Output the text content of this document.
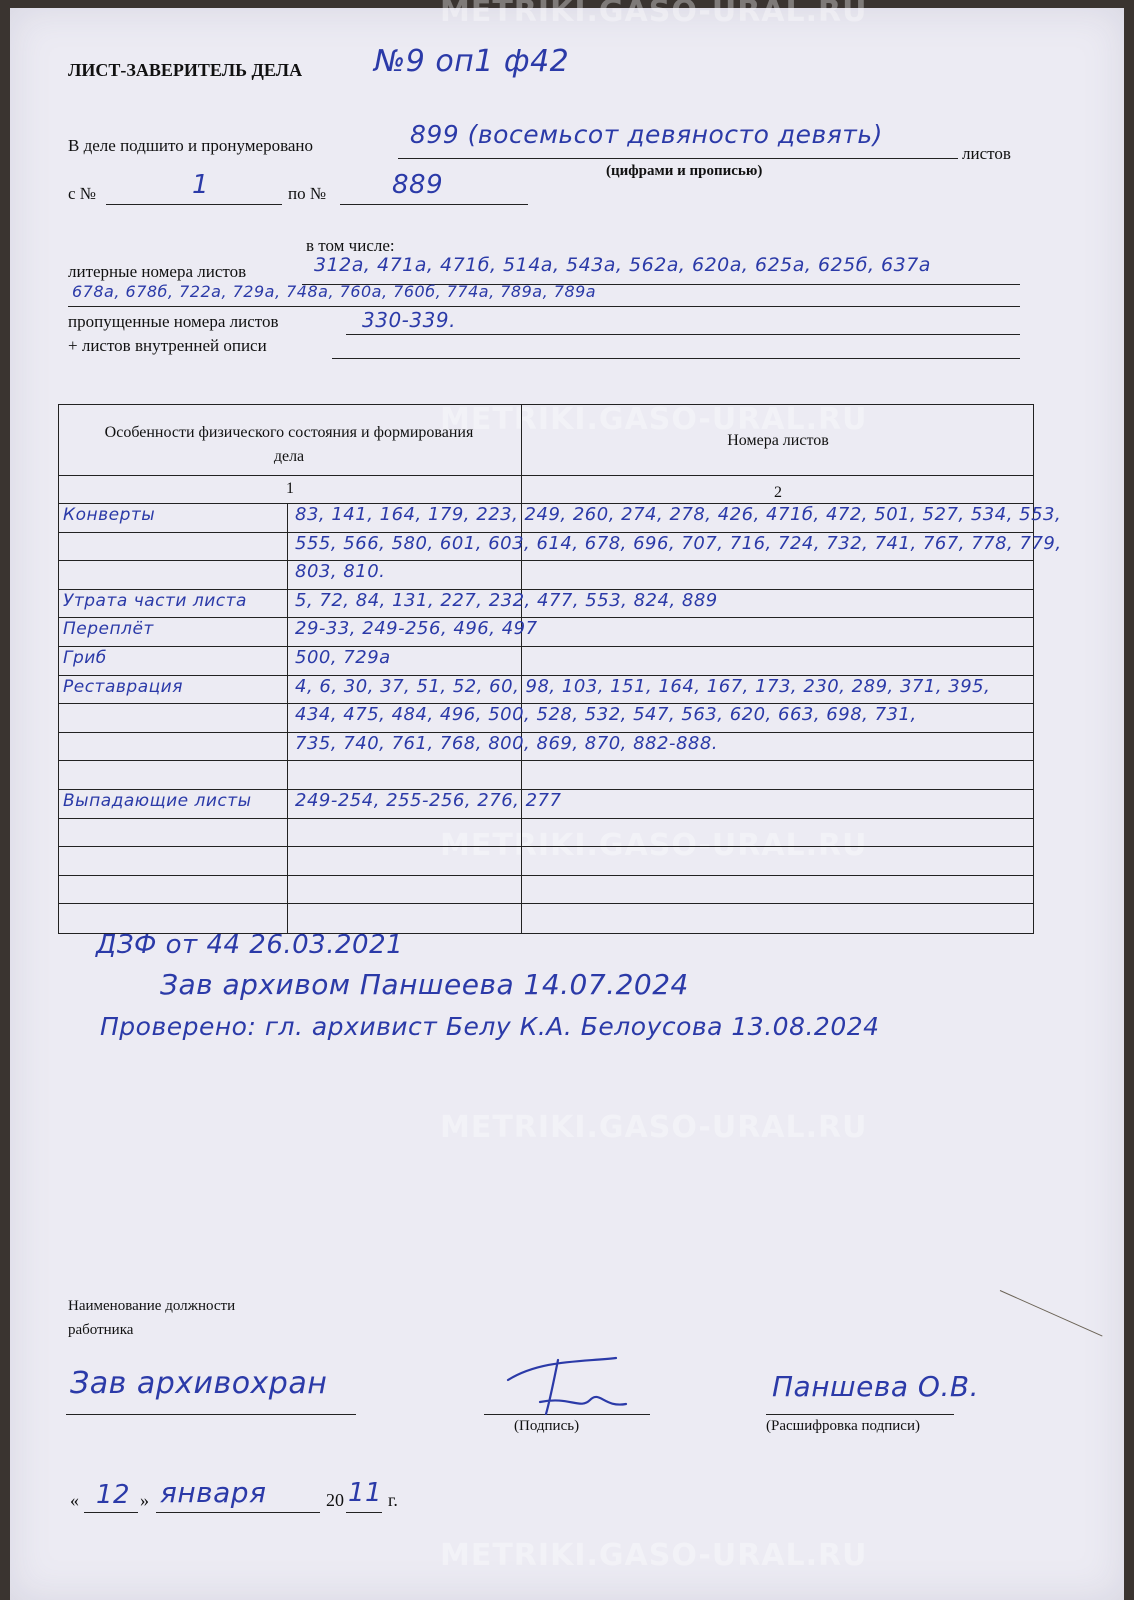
METRIKI.GASO-URAL.RU
METRIKI.GASO-URAL.RU
METRIKI.GASO-URAL.RU
METRIKI.GASO-URAL.RU
METRIKI.GASO-URAL.RU
ЛИСТ-ЗАВЕРИТЕЛЬ ДЕЛА №9 оп1 ф42
В деле подшито и пронумеровано	899 (восемьсот девяносто девять)
листов
(цифрами и прописью)
с №	1	по №	889
в том числе:
литерные номера листов	312а, 471а, 471б, 514а, 543а, 562а, 620а, 625а, 625б, 637а
678а, 678б, 722а, 729а, 748а, 760а, 760б, 774а, 789а, 789а
пропущенные номера листов	330-339.
+ листов внутренней описи
Особенности физического состояния и формирования дела
Номера листов
1	2
Конверты	83, 141, 164, 179, 223, 249, 260, 274, 278, 426, 471б, 472, 501, 527, 534, 553,
555, 566, 580, 601, 603, 614, 678, 696, 707, 716, 724, 732, 741, 767, 778, 779,
803, 810.
Утрата части листа	5, 72, 84, 131, 227, 232, 477, 553, 824, 889
Переплёт	29-33, 249-256, 496, 497
Гриб	500, 729а
Реставрация	4, 6, 30, 37, 51, 52, 60, 98, 103, 151, 164, 167, 173, 230, 289, 371, 395,
434, 475, 484, 496, 500, 528, 532, 547, 563, 620, 663, 698, 731,
735, 740, 761, 768, 800, 869, 870, 882-888.
Выпадающие листы 249-254, 255-256, 276, 277
ДЗФ от 44 26.03.2021
Зав архивом Паншеева 14.07.2024
Проверено: гл. архивист Белу К.А. Белоусова 13.08.2024
Наименование должности
работника
Зав архивохран
(Подпись)
Паншева О.В.
(Расшифровка подписи)
« 12 » января	20 11 г.
